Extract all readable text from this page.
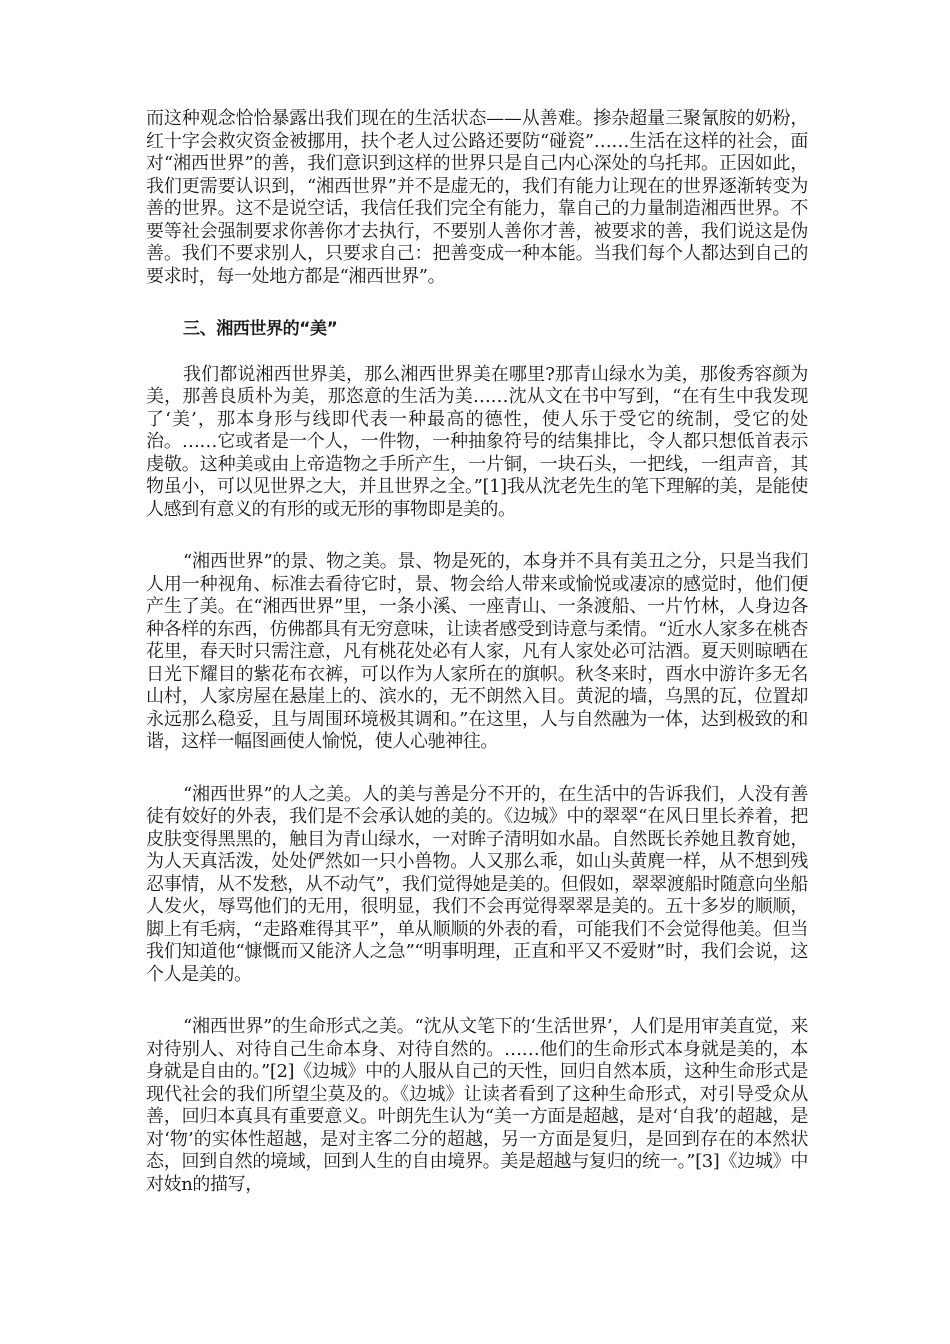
而这种观念恰恰暴露出我们现在的生活状态——从善难。掺杂超量三聚氰胺的奶粉，红十字会救灾资金被挪用，扶个老人过公路还要防“碰瓷”……生活在这样的社会，面对“湘西世界”的善，我们意识到这样的世界只是自己内心深处的乌托邦。正因如此，我们更需要认识到，“湘西世界”并不是虚无的，我们有能力让现在的世界逐渐转变为善的世界。这不是说空话，我信任我们完全有能力，靠自己的力量制造湘西世界。不要等社会强制要求你善你才去执行，不要别人善你才善，被要求的善，我们说这是伪善。我们不要求别人，只要求自己：把善变成一种本能。当我们每个人都达到自己的要求时，每一处地方都是“湘西世界”。

三、湘西世界的“美”

我们都说湘西世界美，那么湘西世界美在哪里?那青山绿水为美，那俊秀容颜为美，那善良质朴为美，那恣意的生活为美……沈从文在书中写到，“在有生中我发现了‘美’，那本身形与线即代表一种最高的德性，使人乐于受它的统制，受它的处治。……它或者是一个人，一件物，一种抽象符号的结集排比，令人都只想低首表示虔敬。这种美或由上帝造物之手所产生，一片铜，一块石头，一把线，一组声音，其物虽小，可以见世界之大，并且世界之全。”[1]我从沈老先生的笔下理解的美，是能使人感到有意义的有形的或无形的事物即是美的。

“湘西世界”的景、物之美。景、物是死的，本身并不具有美丑之分，只是当我们人用一种视角、标准去看待它时，景、物会给人带来或愉悦或凄凉的感觉时，他们便产生了美。在“湘西世界”里，一条小溪、一座青山、一条渡船、一片竹林，人身边各种各样的东西，仿佛都具有无穷意味，让读者感受到诗意与柔情。“近水人家多在桃杏花里，春天时只需注意，凡有桃花处必有人家，凡有人家处必可沽酒。夏天则晾晒在日光下耀目的紫花布衣裤，可以作为人家所在的旗帜。秋冬来时，酉水中游许多无名山村，人家房屋在悬崖上的、滨水的，无不朗然入目。黄泥的墙，乌黑的瓦，位置却永远那么稳妥，且与周围环境极其调和。”在这里，人与自然融为一体，达到极致的和谐，这样一幅图画使人愉悦，使人心驰神往。

“湘西世界”的人之美。人的美与善是分不开的，在生活中的告诉我们，人没有善徒有姣好的外表，我们是不会承认她的美的。《边城》中的翠翠“在风日里长养着，把皮肤变得黑黑的，触目为青山绿水，一对眸子清明如水晶。自然既长养她且教育她，为人天真活泼，处处俨然如一只小兽物。人又那么乖，如山头黄麂一样，从不想到残忍事情，从不发愁，从不动气”，我们觉得她是美的。但假如，翠翠渡船时随意向坐船人发火，辱骂他们的无用，很明显，我们不会再觉得翠翠是美的。五十多岁的顺顺，脚上有毛病，“走路难得其平”，单从顺顺的外表的看，可能我们不会觉得他美。但当我们知道他“慷慨而又能济人之急”“明事明理，正直和平又不爱财”时，我们会说，这个人是美的。

“湘西世界”的生命形式之美。“沈从文笔下的‘生活世界’，人们是用审美直觉，来对待别人、对待自己生命本身、对待自然的。……他们的生命形式本身就是美的，本身就是自由的。”[2]《边城》中的人服从自己的天性，回归自然本质，这种生命形式是现代社会的我们所望尘莫及的。《边城》让读者看到了这种生命形式，对引导受众从善，回归本真具有重要意义。叶朗先生认为“美一方面是超越，是对‘自我’的超越，是对‘物’的实体性超越，是对主客二分的超越，另一方面是复归，是回到存在的本然状态，回到自然的境域，回到人生的自由境界。美是超越与复归的统一。”[3]《边城》中对妓n的描写，
